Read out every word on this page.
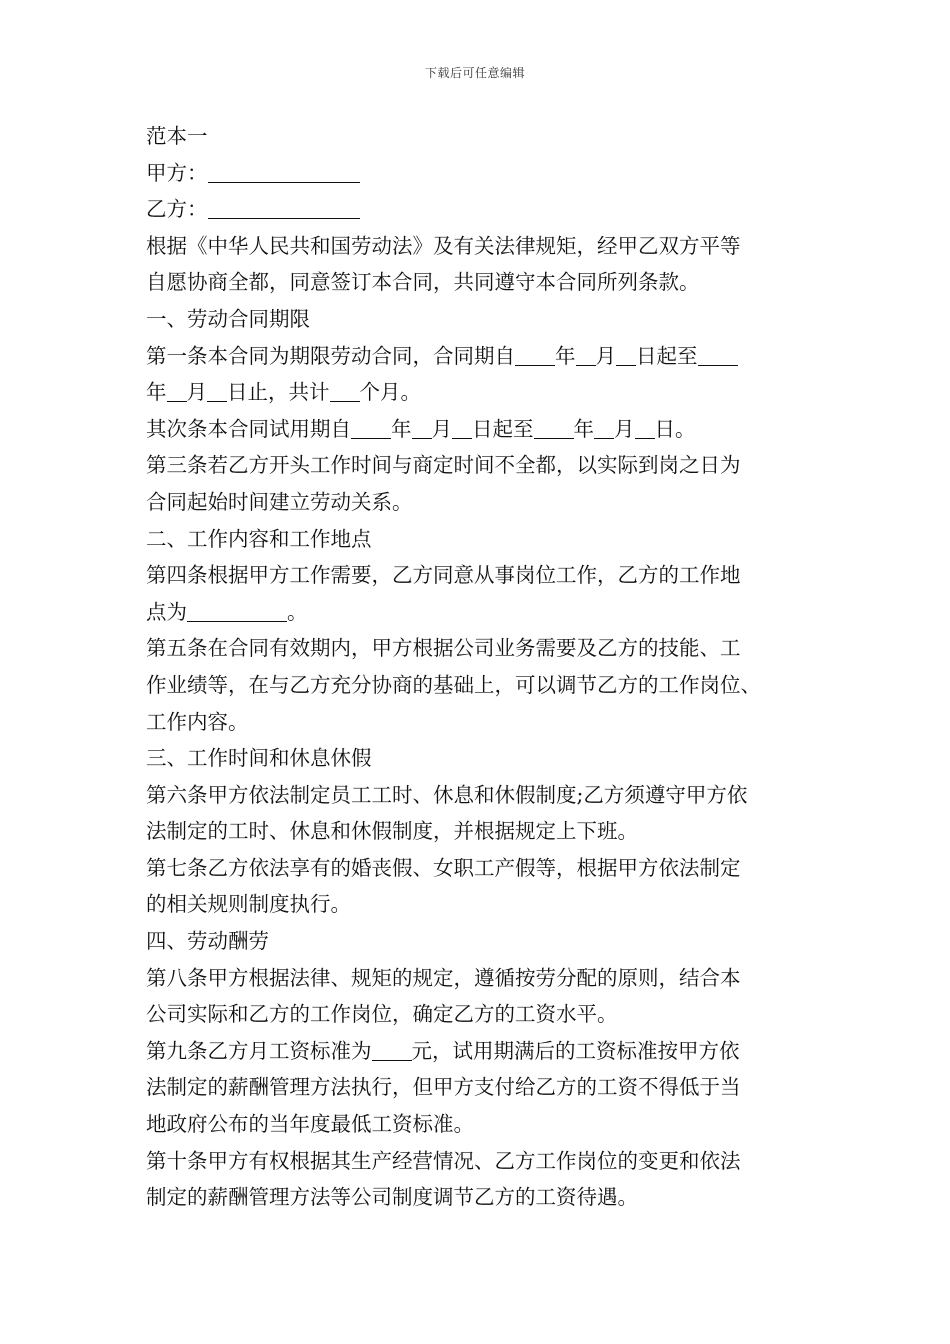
下载后可任意编辑
范本一
甲方：
乙方：
根据《中华人民共和国劳动法》及有关法律规矩，经甲乙双方平等
自愿协商全都，同意签订本合同，共同遵守本合同所列条款。
一、劳动合同期限
第一条本合同为期限劳动合同，合同期自 年 月 日起至
年 月 日止，共计 个月。
其次条本合同试用期自 年 月 日起至 年 月 日。
第三条若乙方开头工作时间与商定时间不全都，以实际到岗之日为
合同起始时间建立劳动关系。
二、工作内容和工作地点
第四条根据甲方工作需要，乙方同意从事岗位工作，乙方的工作地
点为	。
第五条在合同有效期内，甲方根据公司业务需要及乙方的技能、工
作业绩等，在与乙方充分协商的基础上，可以调节乙方的工作岗位、
工作内容。
三、工作时间和休息休假
第六条甲方依法制定员工工时、休息和休假制度;乙方须遵守甲方依
法制定的工时、休息和休假制度，并根据规定上下班。
第七条乙方依法享有的婚丧假、女职工产假等，根据甲方依法制定
的相关规则制度执行。
四、劳动酬劳
第八条甲方根据法律、规矩的规定，遵循按劳分配的原则，结合本
公司实际和乙方的工作岗位，确定乙方的工资水平。
第九条乙方月工资标准为 元，试用期满后的工资标准按甲方依
法制定的薪酬管理方法执行，但甲方支付给乙方的工资不得低于当
地政府公布的当年度最低工资标准。
第十条甲方有权根据其生产经营情况、乙方工作岗位的变更和依法
制定的薪酬管理方法等公司制度调节乙方的工资待遇。
